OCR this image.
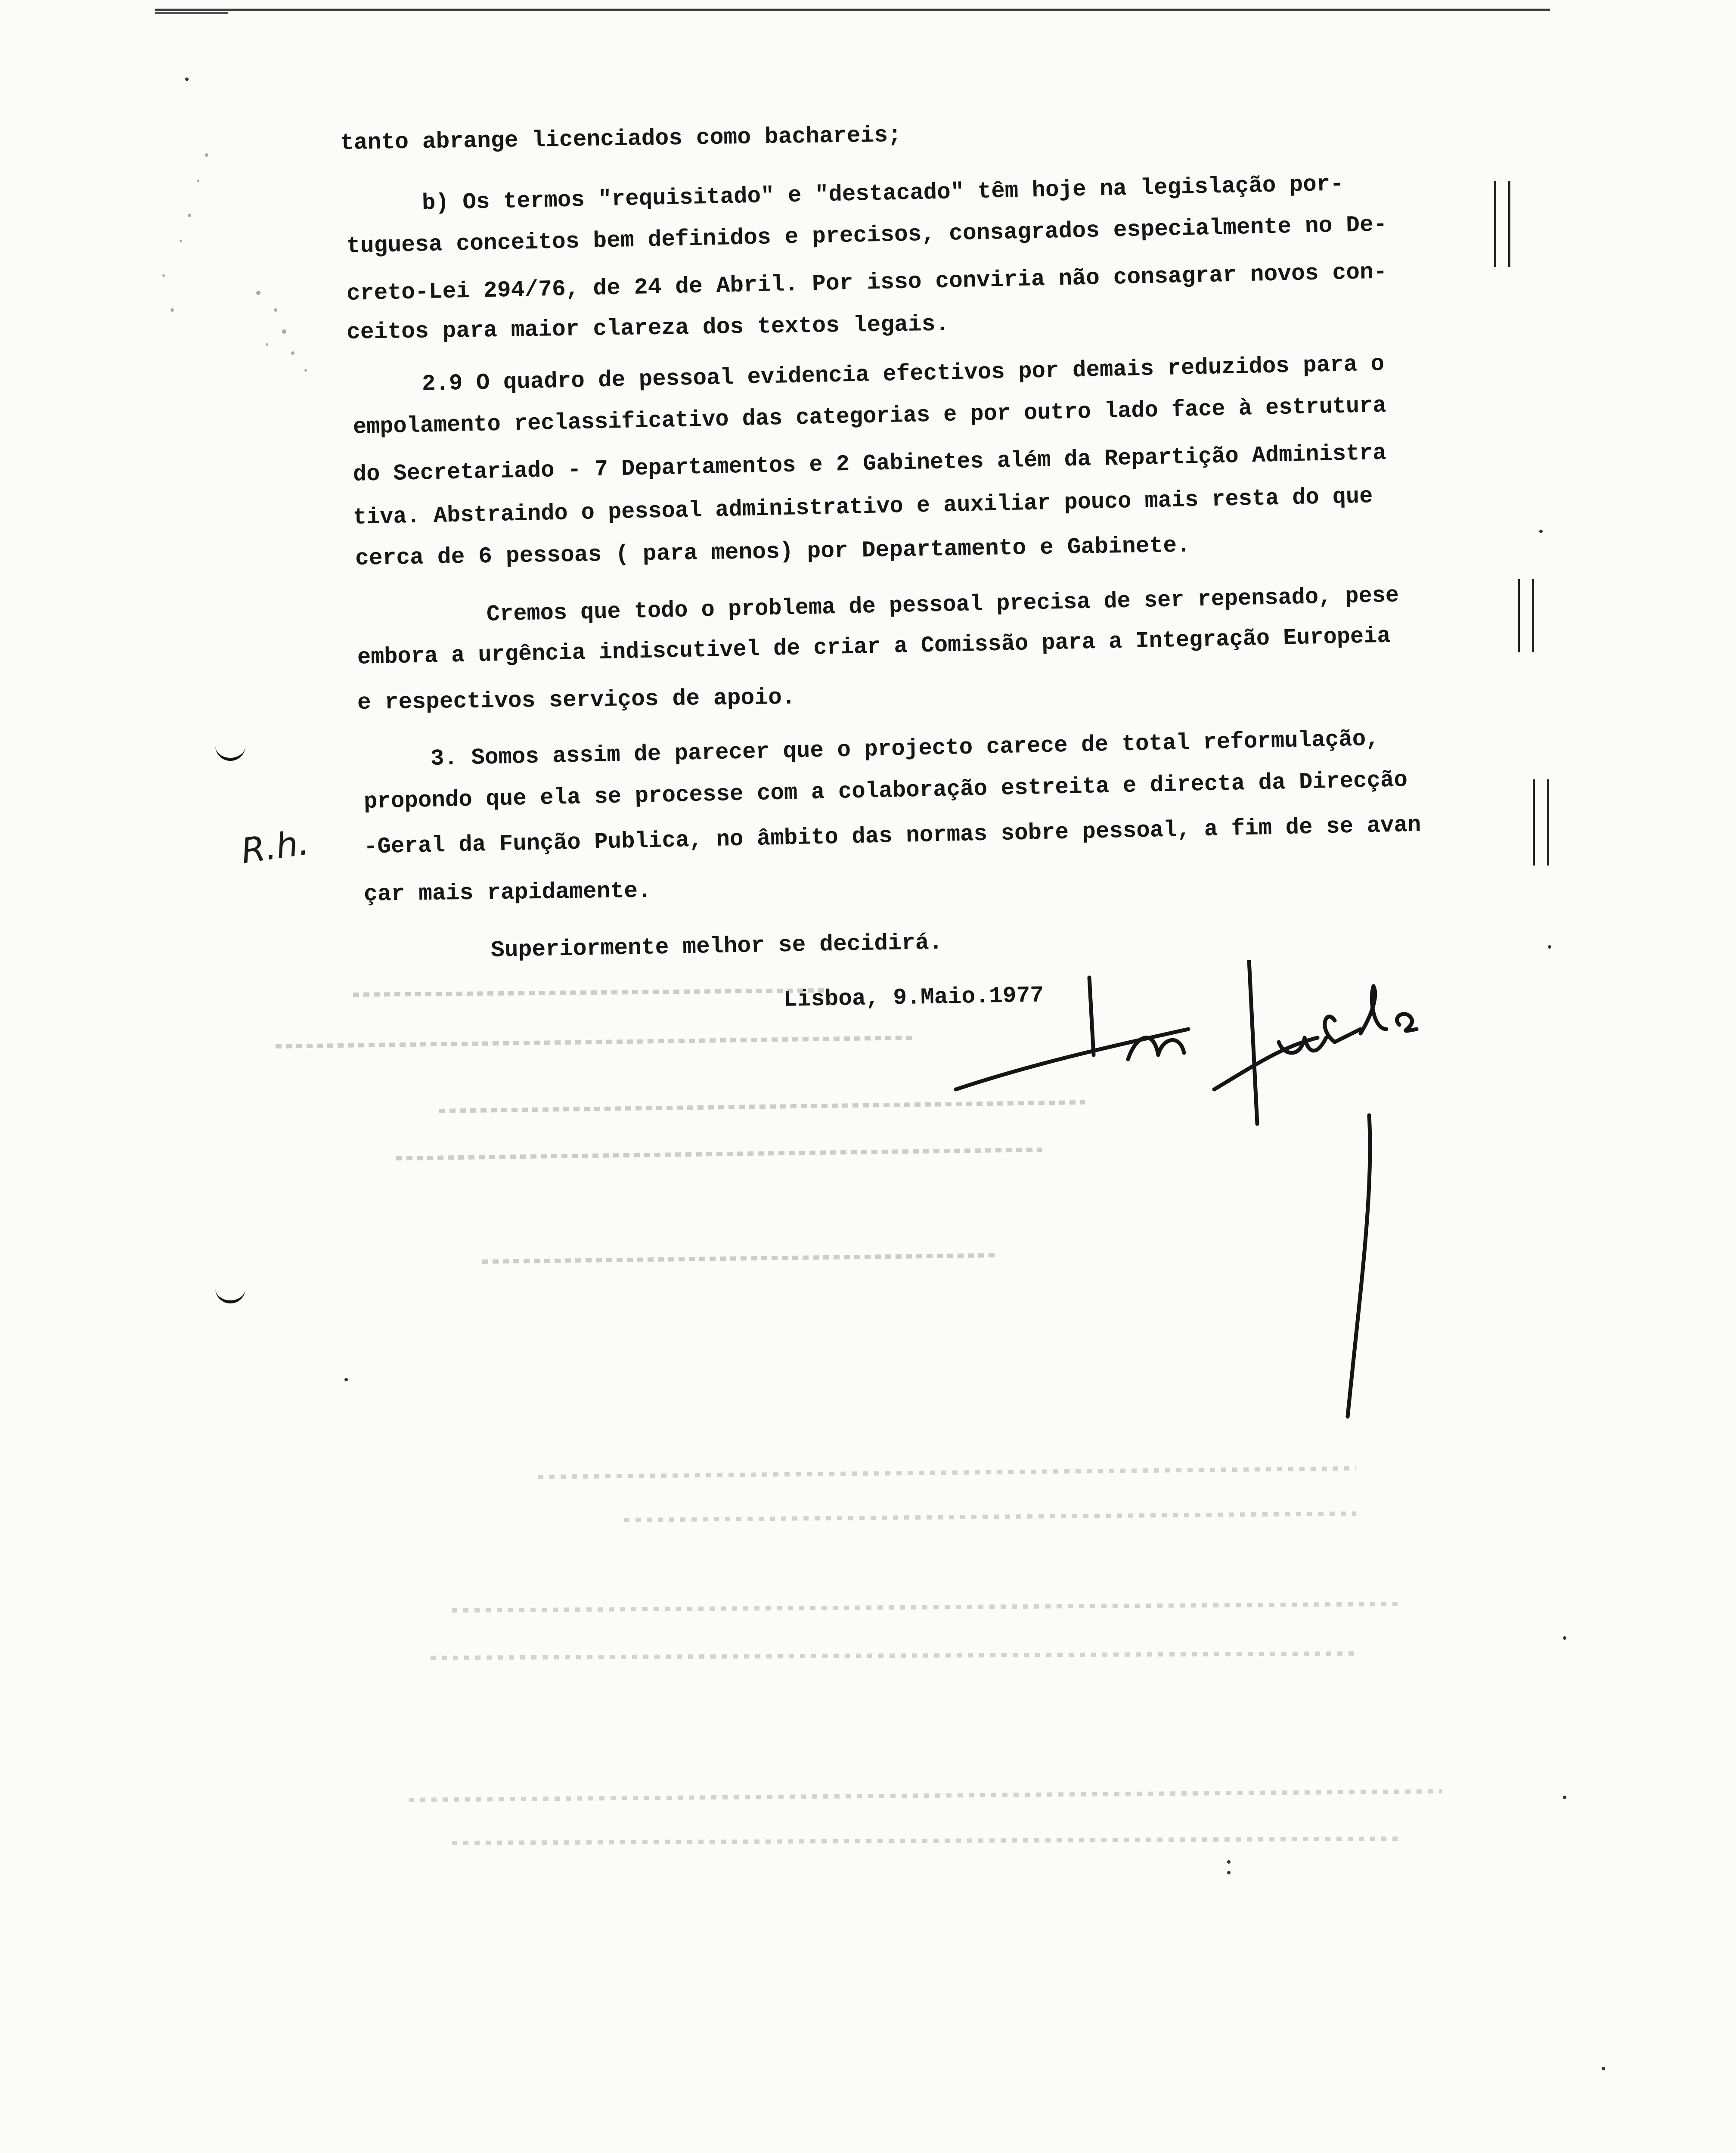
tanto abrange licenciados como bachareis;
b) Os termos "requisitado" e "destacado" têm hoje na legislação por-
tuguesa conceitos bem definidos e precisos, consagrados especialmente no De-
creto-Lei 294/76, de 24 de Abril. Por isso conviria não consagrar novos con-
ceitos para maior clareza dos textos legais.
2.9 O quadro de pessoal evidencia efectivos por demais reduzidos para o
empolamento reclassificativo das categorias e por outro lado face à estrutura
do Secretariado - 7 Departamentos e 2 Gabinetes além da Repartição Administra
tiva. Abstraindo o pessoal administrativo e auxiliar pouco mais resta do que
cerca de 6 pessoas ( para menos) por Departamento e Gabinete.
Cremos que todo o problema de pessoal precisa de ser repensado, pese
embora a urgência indiscutivel de criar a Comissão para a Integração Europeia
e respectivos serviços de apoio.
3. Somos assim de parecer que o projecto carece de total reformulação,
propondo que ela se processe com a colaboração estreita e directa da Direcção
-Geral da Função Publica, no âmbito das normas sobre pessoal, a fim de se avan
çar mais rapidamente.
Superiormente melhor se decidirá.
Lisboa, 9.Maio.1977
R.h.
